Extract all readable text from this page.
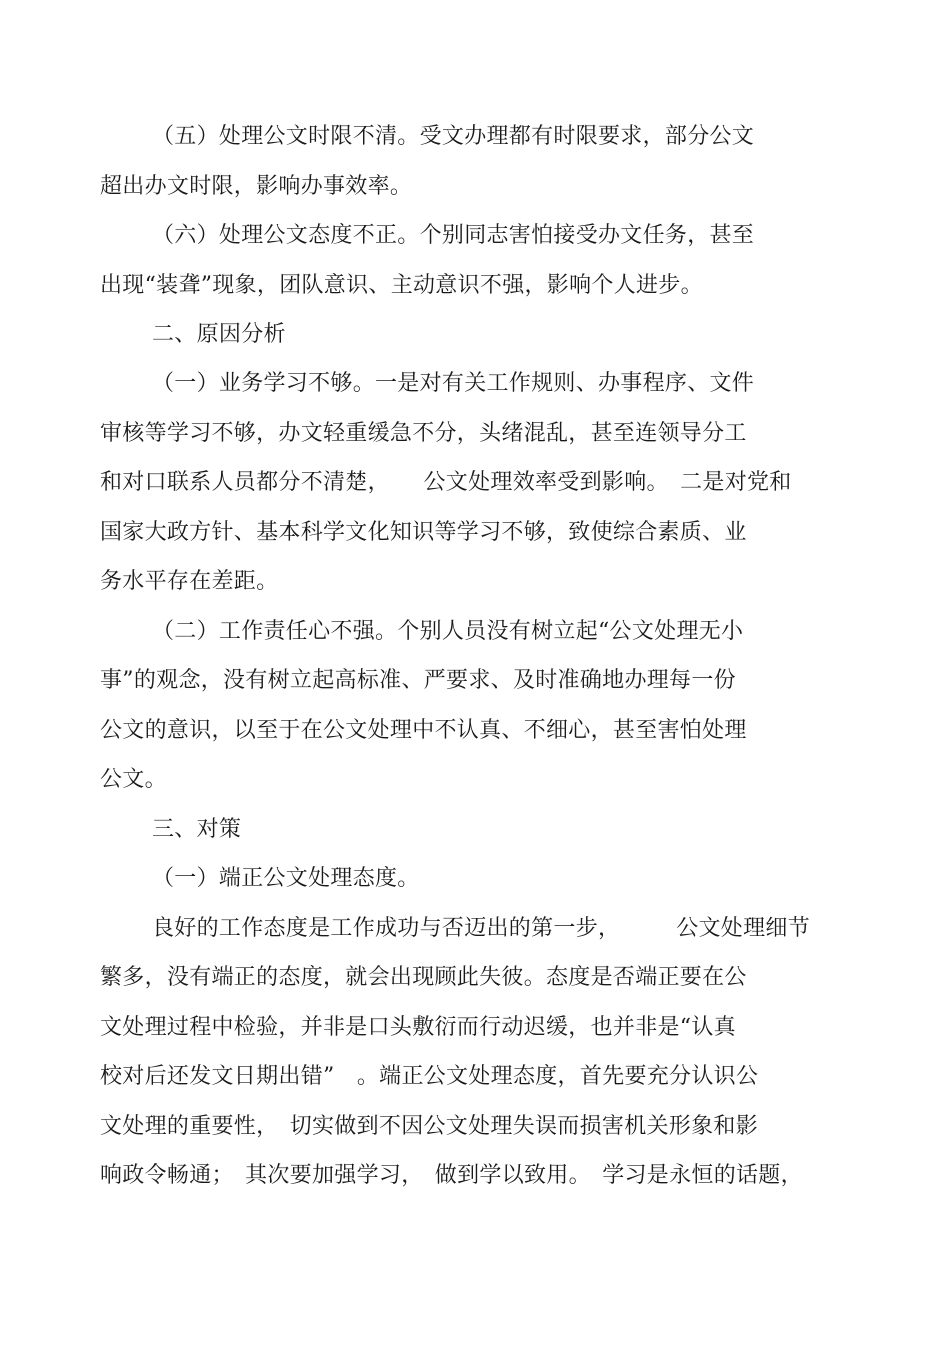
（五）处理公文时限不清。受文办理都有时限要求，部分公文
超出办文时限，影响办事效率。
（六）处理公文态度不正。个别同志害怕接受办文任务，甚至
出现“装聋”现象，团队意识、主动意识不强，影响个人进步。
二、原因分析
（一）业务学习不够。一是对有关工作规则、办事程序、文件
审核等学习不够，办文轻重缓急不分，头绪混乱，甚至连领导分工
和对口联系人员都分不清楚，　　公文处理效率受到影响。　二是对党和
国家大政方针、基本科学文化知识等学习不够，致使综合素质、业
务水平存在差距。
（二）工作责任心不强。个别人员没有树立起“公文处理无小
事”的观念，没有树立起高标准、严要求、及时准确地办理每一份
公文的意识，以至于在公文处理中不认真、不细心，甚至害怕处理
公文。
三、对策
（一）端正公文处理态度。
良好的工作态度是工作成功与否迈出的第一步，　　　公文处理细节
繁多，没有端正的态度，就会出现顾此失彼。态度是否端正要在公
文处理过程中检验，并非是口头敷衍而行动迟缓，也并非是“认真
校对后还发文日期出错”　。端正公文处理态度，首先要充分认识公
文处理的重要性，　切实做到不因公文处理失误而损害机关形象和影
响政令畅通；　其次要加强学习，　做到学以致用。　学习是永恒的话题，
